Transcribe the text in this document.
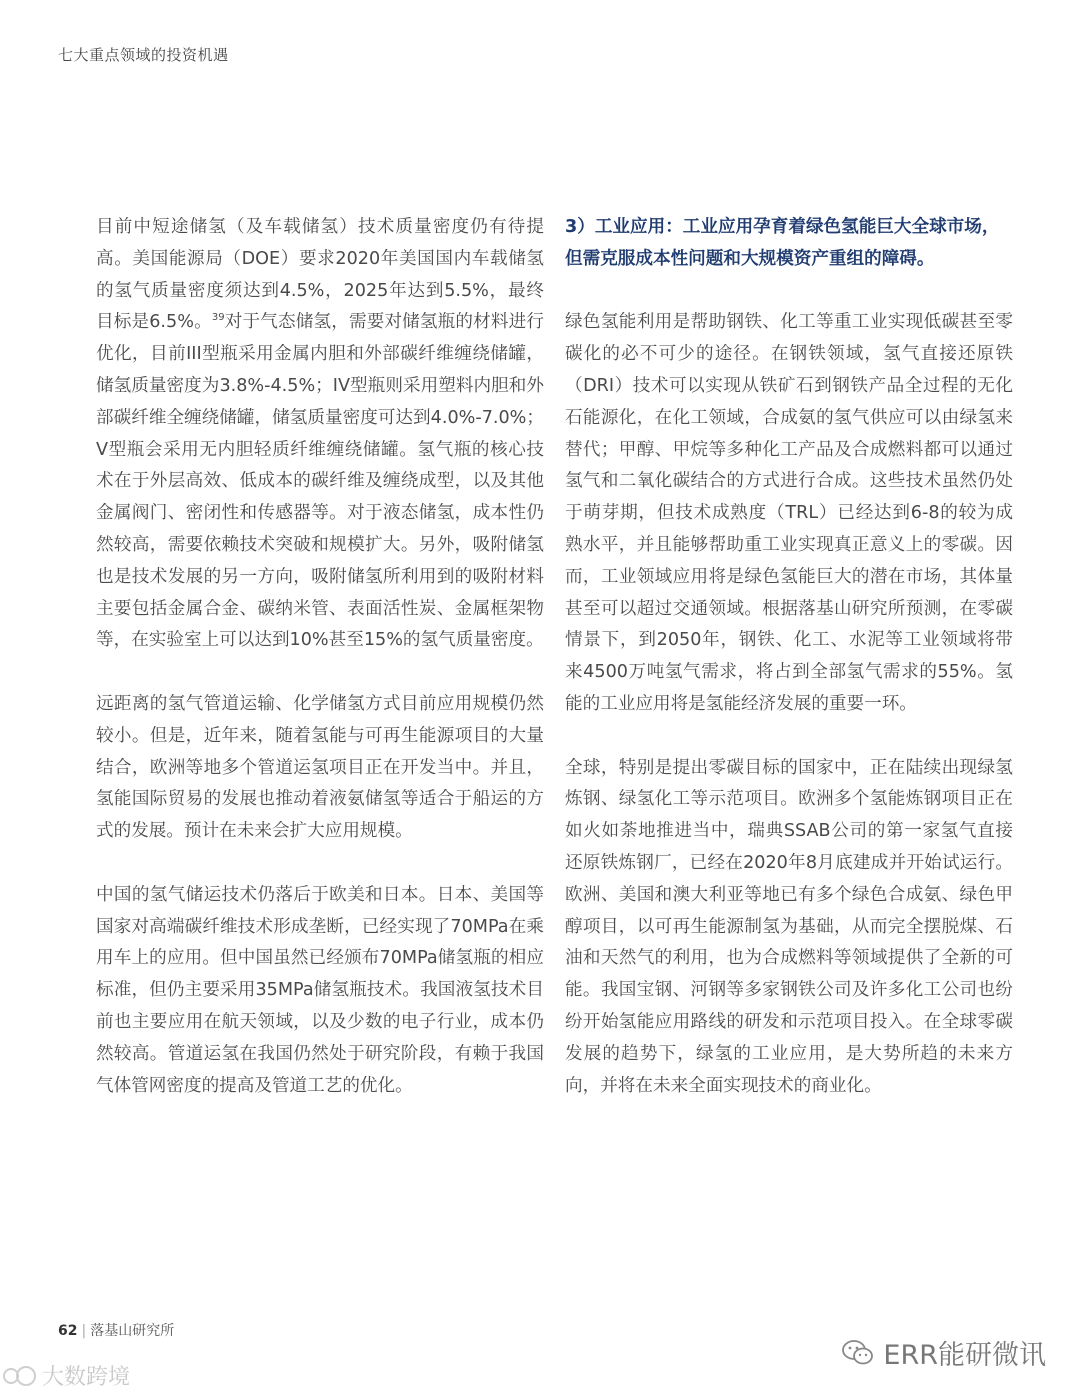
七大重点领域的投资机遇

目前中短途储氢（及车载储氢）技术质量密度仍有待提高。美国能源局（DOE）要求2020年美国国内车载储氢的氢气质量密度须达到4.5%，2025年达到5.5%，最终目标是6.5%。$^{39}$对于气态储氢，需要对储氢瓶的材料进行优化，目前III型瓶采用金属内胆和外部碳纤维缠绕储罐，储氢质量密度为3.8%-4.5%；IV型瓶则采用塑料内胆和外部碳纤维全缠绕储罐，储氢质量密度可达到4.0%-7.0%；V型瓶会采用无内胆轻质纤维缠绕储罐。氢气瓶的核心技术在于外层高效、低成本的碳纤维及缠绕成型，以及其他金属阀门、密闭性和传感器等。对于液态储氢，成本性仍然较高，需要依赖技术突破和规模扩大。另外，吸附储氢也是技术发展的另一方向，吸附储氢所利用到的吸附材料主要包括金属合金、碳纳米管、表面活性炭、金属框架物等，在实验室上可以达到10%甚至15%的氢气质量密度。

远距离的氢气管道运输、化学储氢方式目前应用规模仍然较小。但是，近年来，随着氢能与可再生能源项目的大量结合，欧洲等地多个管道运氢项目正在开发当中。并且，氢能国际贸易的发展也推动着液氨储氢等适合于船运的方式的发展。预计在未来会扩大应用规模。

中国的氢气储运技术仍落后于欧美和日本。日本、美国等国家对高端碳纤维技术形成垄断，已经实现了70MPa在乘用车上的应用。但中国虽然已经颁布70MPa储氢瓶的相应标准，但仍主要采用35MPa储氢瓶技术。我国液氢技术目前也主要应用在航天领域，以及少数的电子行业，成本仍然较高。管道运氢在我国仍然处于研究阶段，有赖于我国气体管网密度的提高及管道工艺的优化。

3）工业应用：工业应用孕育着绿色氢能巨大全球市场，但需克服成本性问题和大规模资产重组的障碍。

绿色氢能利用是帮助钢铁、化工等重工业实现低碳甚至零碳化的必不可少的途径。在钢铁领域，氢气直接还原铁（DRI）技术可以实现从铁矿石到钢铁产品全过程的无化石能源化，在化工领域，合成氨的氢气供应可以由绿氢来替代；甲醇、甲烷等多种化工产品及合成燃料都可以通过氢气和二氧化碳结合的方式进行合成。这些技术虽然仍处于萌芽期，但技术成熟度（TRL）已经达到6-8的较为成熟水平，并且能够帮助重工业实现真正意义上的零碳。因而，工业领域应用将是绿色氢能巨大的潜在市场，其体量甚至可以超过交通领域。根据落基山研究所预测，在零碳情景下，到2050年，钢铁、化工、水泥等工业领域将带来4500万吨氢气需求，将占到全部氢气需求的55%。氢能的工业应用将是氢能经济发展的重要一环。

全球，特别是提出零碳目标的国家中，正在陆续出现绿氢炼钢、绿氢化工等示范项目。欧洲多个氢能炼钢项目正在如火如荼地推进当中，瑞典SSAB公司的第一家氢气直接还原铁炼钢厂，已经在2020年8月底建成并开始试运行。欧洲、美国和澳大利亚等地已有多个绿色合成氨、绿色甲醇项目，以可再生能源制氢为基础，从而完全摆脱煤、石油和天然气的利用，也为合成燃料等领域提供了全新的可能。我国宝钢、河钢等多家钢铁公司及许多化工公司也纷纷开始氢能应用路线的研发和示范项目投入。在全球零碳发展的趋势下，绿氢的工业应用，是大势所趋的未来方向，并将在未来全面实现技术的商业化。

62 | 落基山研究所
ERR能研微讯
大数跨境
